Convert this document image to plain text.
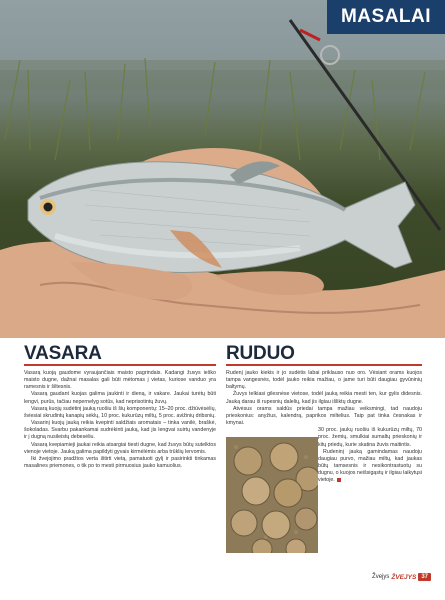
MASALAI
VASARA

Vasarą kuoją gaudome vyraujančiais maisto pagrindais. Kadangi žuvys ieško maisto dugne, dažnai masalas gali būti mėtomas į vietas, kuriose vanduo yra ramesnis ir šiltesnis.

Vasarą gaudant kuojas galima jaukinti ir dieną, ir vakare. Jaukai turėtų būti lengvi, purūs, tačiau nepernelyg sotūs, kad neprisotintų žuvų.

Vasarą kuojų sudėtinį jauką ruošiu iš šių komponentų: 15–20 proc. džiūvėsėlių, šviesiai skrudintų kanapių sėklų, 10 proc. kukurūzų miltų, 5 proc. avižinių dribsnių.

Vasarinį kuojų jauką reikia kvepinti saldžiais aromatais – tinka vanilė, braškė, šokoladas. Svarbu pakankamai sudrėkinti jauką, kad jis lengvai suirtų vandenyje ir į dugną nusileistų debesėliu.

Vasarą kvepiamieji jaukai reikia atsargiai tiesti dugne, kad žuvys būtų sutelktos vienoje vietoje. Jauką galima papildyti gyvais kirmėlėmis arba trūklių lervomis.

Iki žvejojimo pradžios verta ištirti vietą, pamatuoti gylį ir pasirinkti tinkamas masalines priemones, o tik po to mesti pirmuosius jauko kamuolius.

RUDUO

Rudenį jauko kiekis ir jo sudėtis labai priklauso nuo oro. Vėsiant orams kuojos tampa vangesnės, todėl jauko reikia mažiau, o jame turi būti daugiau gyvūninių baltymų.

Žuvys telkiasi gilesnėse vietose, todėl jauką reikia mesti ten, kur gylis didesnis. Jauką darau iš rupesnių dalelių, kad jis ilgiau išliktų dugne.

Atvėsus orams saldūs priedai tampa mažiau veiksmingi, tad naudoju prieskonius: anyžius, kalendrą, paprikos miltelius. Taip pat tinka česnakas ir kmynai.

30 proc. jaukų ruošiu iš kukurūzų miltų, 70 proc. žemių, smulkiai sumaltų prieskonių ir kitų priedų, kurie skatina žuvis maitintis.

Rudeninį jauką gamindamas naudoju daugiau purvo, mažiau miltų, kad jaukas būtų tamsesnis ir nesikontrastuotų su dugnu, o kuojos neišsigąstų ir ilgiau laikytųsi vietoje.

Žvejys ŽVEJYS 37
